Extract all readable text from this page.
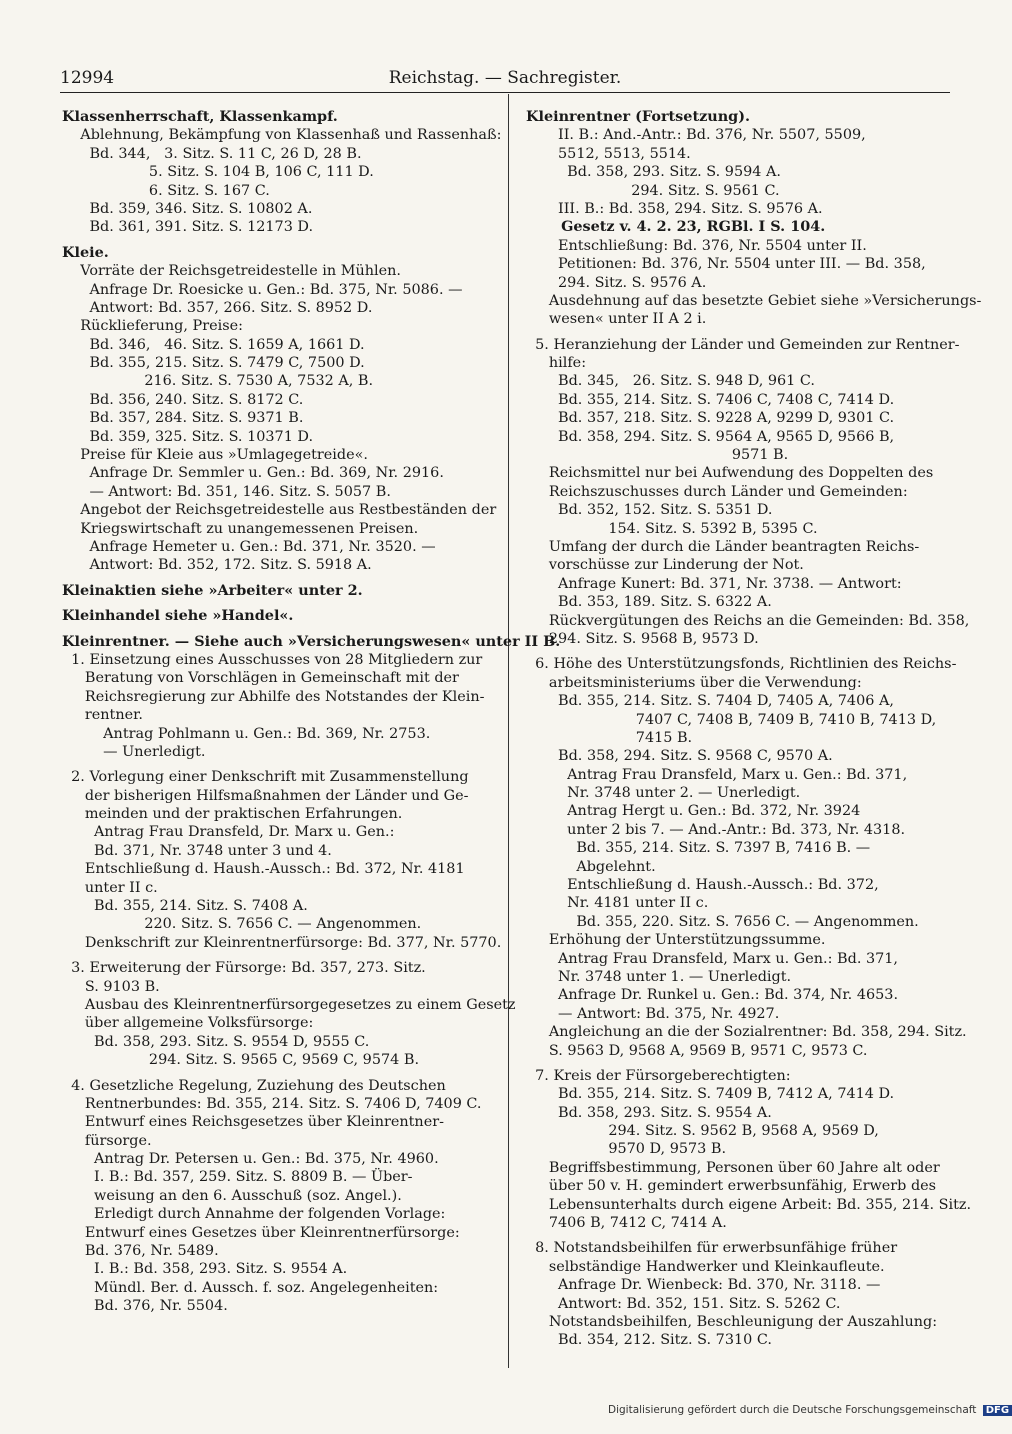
12994	Reichstag. — Sachregister.
Klassenherrschaft, Klassenkampf.
Ablehnung, Bekämpfung von Klassenhaß und Rassenhaß:
Bd. 344,   3. Sitz. S. 11 C, 26 D, 28 B.
5. Sitz. S. 104 B, 106 C, 111 D.
6. Sitz. S. 167 C.
Bd. 359, 346. Sitz. S. 10802 A.
Bd. 361, 391. Sitz. S. 12173 D.
Kleie.
Vorräte der Reichsgetreidestelle in Mühlen.
Anfrage Dr. Roesicke u. Gen.: Bd. 375, Nr. 5086. —
Antwort: Bd. 357, 266. Sitz. S. 8952 D.
Rücklieferung, Preise:
Bd. 346,   46. Sitz. S. 1659 A, 1661 D.
Bd. 355, 215. Sitz. S. 7479 C, 7500 D.
216. Sitz. S. 7530 A, 7532 A, B.
Bd. 356, 240. Sitz. S. 8172 C.
Bd. 357, 284. Sitz. S. 9371 B.
Bd. 359, 325. Sitz. S. 10371 D.
Preise für Kleie aus »Umlagegetreide«.
Anfrage Dr. Semmler u. Gen.: Bd. 369, Nr. 2916.
— Antwort: Bd. 351, 146. Sitz. S. 5057 B.
Angebot der Reichsgetreidestelle aus Restbeständen der
Kriegswirtschaft zu unangemessenen Preisen.
Anfrage Hemeter u. Gen.: Bd. 371, Nr. 3520. —
Antwort: Bd. 352, 172. Sitz. S. 5918 A.
Kleinaktien siehe »Arbeiter« unter 2.
Kleinhandel siehe »Handel«.
Kleinrentner. — Siehe auch »Versicherungswesen« unter II B.
1. Einsetzung eines Ausschusses von 28 Mitgliedern zur
Beratung von Vorschlägen in Gemeinschaft mit der
Reichsregierung zur Abhilfe des Notstandes der Klein-
rentner.
Antrag Pohlmann u. Gen.: Bd. 369, Nr. 2753.
— Unerledigt.
2. Vorlegung einer Denkschrift mit Zusammenstellung
der bisherigen Hilfsmaßnahmen der Länder und Ge-
meinden und der praktischen Erfahrungen.
Antrag Frau Dransfeld, Dr. Marx u. Gen.:
Bd. 371, Nr. 3748 unter 3 und 4.
Entschließung d. Haush.-Aussch.: Bd. 372, Nr. 4181
unter II c.
Bd. 355, 214. Sitz. S. 7408 A.
220. Sitz. S. 7656 C. — Angenommen.
Denkschrift zur Kleinrentnerfürsorge: Bd. 377, Nr. 5770.
3. Erweiterung der Fürsorge: Bd. 357, 273. Sitz.
S. 9103 B.
Ausbau des Kleinrentnerfürsorgegesetzes zu einem Gesetz
über allgemeine Volksfürsorge:
Bd. 358, 293. Sitz. S. 9554 D, 9555 C.
294. Sitz. S. 9565 C, 9569 C, 9574 B.
4. Gesetzliche Regelung, Zuziehung des Deutschen
Rentnerbundes: Bd. 355, 214. Sitz. S. 7406 D, 7409 C.
Entwurf eines Reichsgesetzes über Kleinrentner-
fürsorge.
Antrag Dr. Petersen u. Gen.: Bd. 375, Nr. 4960.
I. B.: Bd. 357, 259. Sitz. S. 8809 B. — Über-
weisung an den 6. Ausschuß (soz. Angel.).
Erledigt durch Annahme der folgenden Vorlage:
Entwurf eines Gesetzes über Kleinrentnerfürsorge:
Bd. 376, Nr. 5489.
I. B.: Bd. 358, 293. Sitz. S. 9554 A.
Mündl. Ber. d. Aussch. f. soz. Angelegenheiten:
Bd. 376, Nr. 5504.
Kleinrentner (Fortsetzung).
II. B.: And.-Antr.: Bd. 376, Nr. 5507, 5509,
5512, 5513, 5514.
Bd. 358, 293. Sitz. S. 9594 A.
294. Sitz. S. 9561 C.
III. B.: Bd. 358, 294. Sitz. S. 9576 A.
Gesetz v. 4. 2. 23, RGBl. I S. 104.
Entschließung: Bd. 376, Nr. 5504 unter II.
Petitionen: Bd. 376, Nr. 5504 unter III. — Bd. 358,
294. Sitz. S. 9576 A.
Ausdehnung auf das besetzte Gebiet siehe »Versicherungs-
wesen« unter II A 2 i.
5. Heranziehung der Länder und Gemeinden zur Rentner-
hilfe:
Bd. 345,   26. Sitz. S. 948 D, 961 C.
Bd. 355, 214. Sitz. S. 7406 C, 7408 C, 7414 D.
Bd. 357, 218. Sitz. S. 9228 A, 9299 D, 9301 C.
Bd. 358, 294. Sitz. S. 9564 A, 9565 D, 9566 B,
9571 B.
Reichsmittel nur bei Aufwendung des Doppelten des
Reichszuschusses durch Länder und Gemeinden:
Bd. 352, 152. Sitz. S. 5351 D.
154. Sitz. S. 5392 B, 5395 C.
Umfang der durch die Länder beantragten Reichs-
vorschüsse zur Linderung der Not.
Anfrage Kunert: Bd. 371, Nr. 3738. — Antwort:
Bd. 353, 189. Sitz. S. 6322 A.
Rückvergütungen des Reichs an die Gemeinden: Bd. 358,
294. Sitz. S. 9568 B, 9573 D.
6. Höhe des Unterstützungsfonds, Richtlinien des Reichs-
arbeitsministeriums über die Verwendung:
Bd. 355, 214. Sitz. S. 7404 D, 7405 A, 7406 A,
7407 C, 7408 B, 7409 B, 7410 B, 7413 D,
7415 B.
Bd. 358, 294. Sitz. S. 9568 C, 9570 A.
Antrag Frau Dransfeld, Marx u. Gen.: Bd. 371,
Nr. 3748 unter 2. — Unerledigt.
Antrag Hergt u. Gen.: Bd. 372, Nr. 3924
unter 2 bis 7. — And.-Antr.: Bd. 373, Nr. 4318.
Bd. 355, 214. Sitz. S. 7397 B, 7416 B. —
Abgelehnt.
Entschließung d. Haush.-Aussch.: Bd. 372,
Nr. 4181 unter II c.
Bd. 355, 220. Sitz. S. 7656 C. — Angenommen.
Erhöhung der Unterstützungssumme.
Antrag Frau Dransfeld, Marx u. Gen.: Bd. 371,
Nr. 3748 unter 1. — Unerledigt.
Anfrage Dr. Runkel u. Gen.: Bd. 374, Nr. 4653.
— Antwort: Bd. 375, Nr. 4927.
Angleichung an die der Sozialrentner: Bd. 358, 294. Sitz.
S. 9563 D, 9568 A, 9569 B, 9571 C, 9573 C.
7. Kreis der Fürsorgeberechtigten:
Bd. 355, 214. Sitz. S. 7409 B, 7412 A, 7414 D.
Bd. 358, 293. Sitz. S. 9554 A.
294. Sitz. S. 9562 B, 9568 A, 9569 D,
9570 D, 9573 B.
Begriffsbestimmung, Personen über 60 Jahre alt oder
über 50 v. H. gemindert erwerbsunfähig, Erwerb des
Lebensunterhalts durch eigene Arbeit: Bd. 355, 214. Sitz.
7406 B, 7412 C, 7414 A.
8. Notstandsbeihilfen für erwerbsunfähige früher
selbständige Handwerker und Kleinkaufleute.
Anfrage Dr. Wienbeck: Bd. 370, Nr. 3118. —
Antwort: Bd. 352, 151. Sitz. S. 5262 C.
Notstandsbeihilfen, Beschleunigung der Auszahlung:
Bd. 354, 212. Sitz. S. 7310 C.
Digitalisierung gefördert durch die Deutsche Forschungsgemeinschaft DFG
